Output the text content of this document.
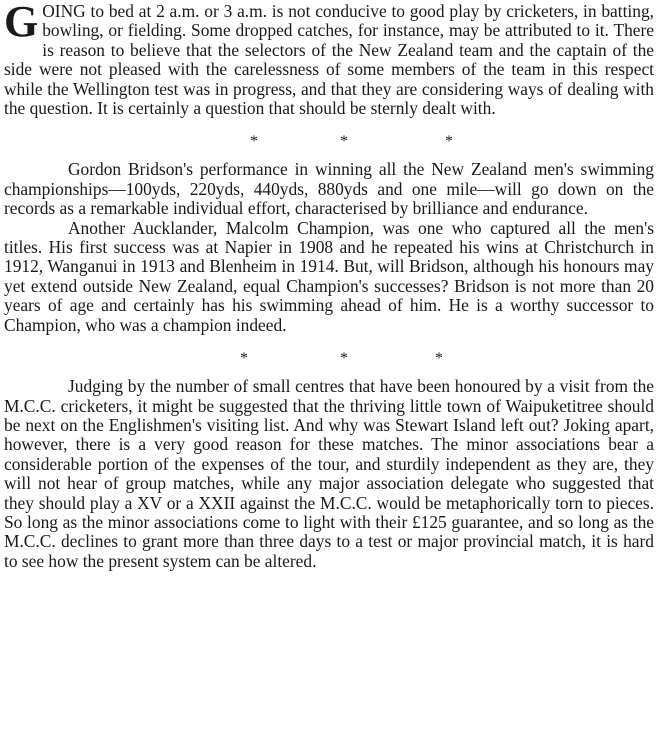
GOING to bed at 2 a.m. or 3 a.m. is not conducive to good play by cricketers, in batting, bowling, or fielding. Some dropped catches, for instance, may be attributed to it. There is reason to believe that the selectors of the New Zealand team and the captain of the side were not pleased with the carelessness of some members of the team in this respect while the Wellington test was in progress, and that they are considering ways of dealing with the question. It is certainly a question that should be sternly dealt with.

*	*	*

Gordon Bridson's performance in winning all the New Zealand men's swimming championships—100yds, 220yds, 440yds, 880yds and one mile—will go down on the records as a remarkable individual effort, characterised by brilliance and endurance.

Another Aucklander, Malcolm Champion, was one who captured all the men's titles. His first success was at Napier in 1908 and he repeated his wins at Christchurch in 1912, Wanganui in 1913 and Blenheim in 1914. But, will Bridson, although his honours may yet extend outside New Zealand, equal Champion's successes? Bridson is not more than 20 years of age and certainly has his swimming ahead of him. He is a worthy successor to Champion, who was a champion indeed.

*	*	*

Judging by the number of small centres that have been honoured by a visit from the M.C.C. cricketers, it might be suggested that the thriving little town of Waipuketitree should be next on the Englishmen's visiting list. And why was Stewart Island left out? Joking apart, however, there is a very good reason for these matches. The minor associations bear a considerable portion of the expenses of the tour, and sturdily independent as they are, they will not hear of group matches, while any major association delegate who suggested that they should play a XV or a XXII against the M.C.C. would be metaphorically torn to pieces. So long as the minor associations come to light with their £125 guarantee, and so long as the M.C.C. declines to grant more than three days to a test or major provincial match, it is hard to see how the present system can be altered.
